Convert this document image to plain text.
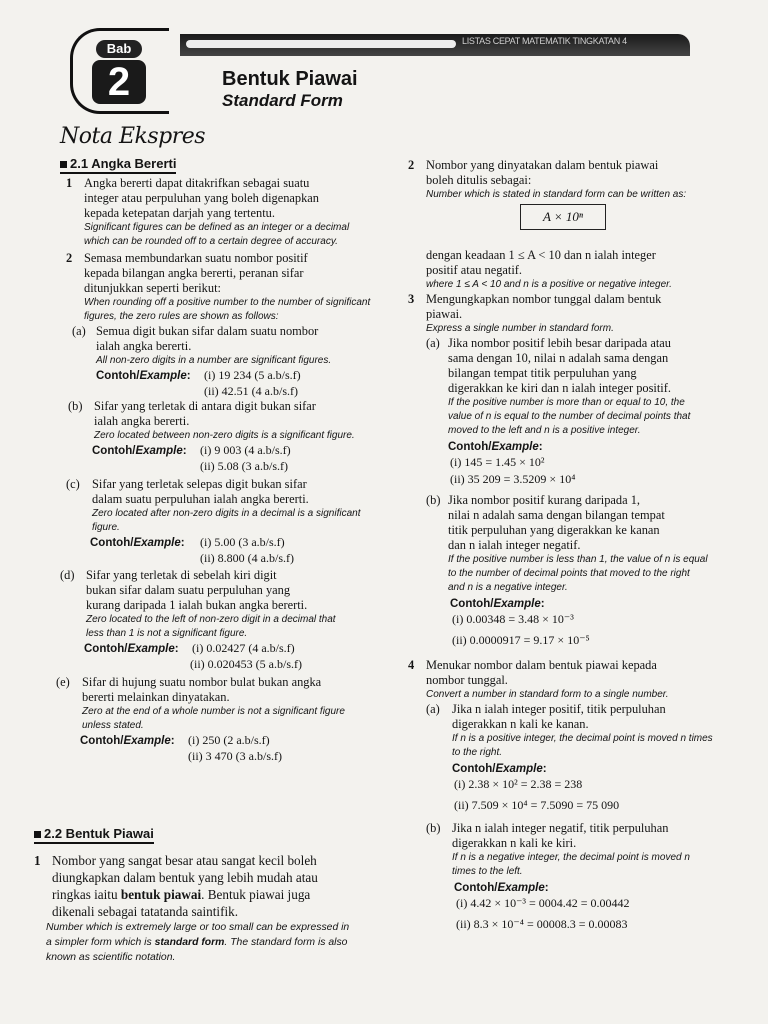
Bab
2
LISTAS CEPAT MATEMATIK TINGKATAN 4
Bentuk Piawai
Standard Form
Nota Ekspres
2.1 Angka Bererti

1 Angka bererti dapat ditakrifkan sebagai suatu

integer atau perpuluhan yang boleh digenapkan

kepada ketepatan darjah yang tertentu.

Significant figures can be defined as an integer or a decimal

which can be rounded off to a certain degree of accuracy.

2 Semasa membundarkan suatu nombor positif

kepada bilangan angka bererti, peranan sifar

ditunjukkan seperti berikut:

When rounding off a positive number to the number of significant

figures, the zero rules are shown as follows:

(a) Semua digit bukan sifar dalam suatu nombor

ialah angka bererti.

All non-zero digits in a number are significant figures.

Contoh/Example: (i) 19 234 (5 a.b/s.f)

(ii) 42.51 (4 a.b/s.f)

(b) Sifar yang terletak di antara digit bukan sifar

ialah angka bererti.

Zero located between non-zero digits is a significant figure.

Contoh/Example: (i) 9 003 (4 a.b/s.f)

(ii) 5.08 (3 a.b/s.f)

(c) Sifar yang terletak selepas digit bukan sifar

dalam suatu perpuluhan ialah angka bererti.

Zero located after non-zero digits in a decimal is a significant

figure.

Contoh/Example: (i) 5.00 (3 a.b/s.f)

(ii) 8.800 (4 a.b/s.f)

(d) Sifar yang terletak di sebelah kiri digit

bukan sifar dalam suatu perpuluhan yang

kurang daripada 1 ialah bukan angka bererti.

Zero located to the left of non-zero digit in a decimal that

less than 1 is not a significant figure.

Contoh/Example: (i) 0.02427 (4 a.b/s.f)

(ii) 0.020453 (5 a.b/s.f)

(e) Sifar di hujung suatu nombor bulat bukan angka

bererti melainkan dinyatakan.

Zero at the end of a whole number is not a significant figure

unless stated.

Contoh/Example: (i) 250 (2 a.b/s.f)

(ii) 3 470 (3 a.b/s.f)

2.2 Bentuk Piawai

1 Nombor yang sangat besar atau sangat kecil boleh

diungkapkan dalam bentuk yang lebih mudah atau

ringkas iaitu bentuk piawai. Bentuk piawai juga

dikenali sebagai tatatanda saintifik.

Number which is extremely large or too small can be expressed in

a simpler form which is standard form. The standard form is also

known as scientific notation.

2 Nombor yang dinyatakan dalam bentuk piawai

boleh ditulis sebagai:

Number which is stated in standard form can be written as:

dengan keadaan 1 ≤ A < 10 dan n ialah integer

positif atau negatif.

where 1 ≤ A < 10 and n is a positive or negative integer.

3 Mengungkapkan nombor tunggal dalam bentuk

piawai.

Express a single number in standard form.

(a) Jika nombor positif lebih besar daripada atau

sama dengan 10, nilai n adalah sama dengan

bilangan tempat titik perpuluhan yang

digerakkan ke kiri dan n ialah integer positif.

If the positive number is more than or equal to 10, the

value of n is equal to the number of decimal points that

moved to the left and n is a positive integer.

Contoh/Example:

(i) 145 = 1.45 × 10²

(ii) 35 209 = 3.5209 × 10⁴

(b) Jika nombor positif kurang daripada 1,

nilai n adalah sama dengan bilangan tempat

titik perpuluhan yang digerakkan ke kanan

dan n ialah integer negatif.

If the positive number is less than 1, the value of n is equal

to the number of decimal points that moved to the right

and n is a negative integer.

Contoh/Example:

(i) 0.00348 = 3.48 × 10⁻³

(ii) 0.0000917 = 9.17 × 10⁻⁵

4 Menukar nombor dalam bentuk piawai kepada

nombor tunggal.

Convert a number in standard form to a single number.

(a) Jika n ialah integer positif, titik perpuluhan

digerakkan n kali ke kanan.

If n is a positive integer, the decimal point is moved n times

to the right.

Contoh/Example:

(i) 2.38 × 10² = 2.38 = 238

(ii) 7.509 × 10⁴ = 7.5090 = 75 090

(b) Jika n ialah integer negatif, titik perpuluhan

digerakkan n kali ke kiri.

If n is a negative integer, the decimal point is moved n

times to the left.

Contoh/Example:

(i) 4.42 × 10⁻³ = 0004.42 = 0.00442

(ii) 8.3 × 10⁻⁴ = 00008.3 = 0.00083

A × 10ⁿ
